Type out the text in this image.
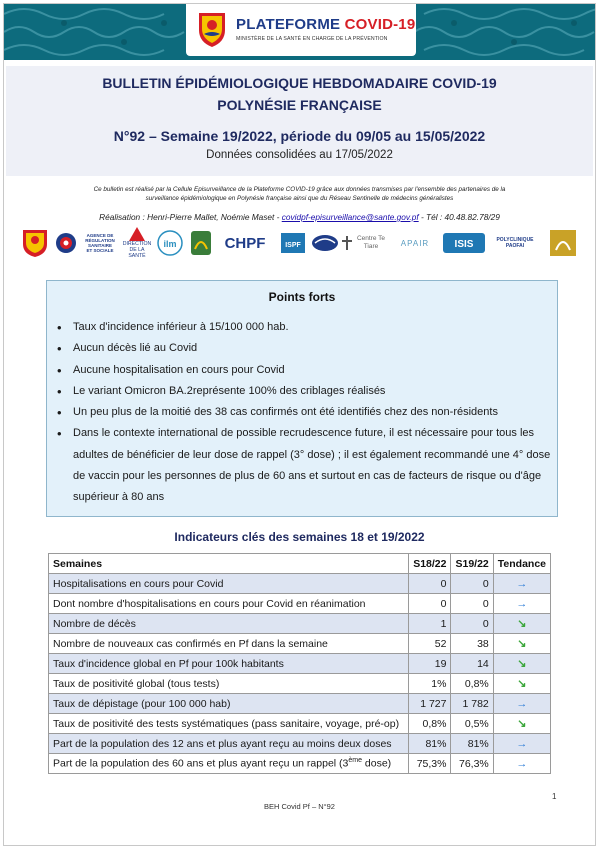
PLATEFORME COVID-19
MINISTÈRE DE LA SANTÉ EN CHARGE DE LA PRÉVENTION
BULLETIN ÉPIDÉMIOLOGIQUE HEBDOMADAIRE COVID-19
POLYNÉSIE FRANÇAISE
N°92 – Semaine 19/2022, période du 09/05 au 15/05/2022
Données consolidées au 17/05/2022
Ce bulletin est réalisé par la Cellule Episurveillance de la Plateforme COVID-19 grâce aux données transmises par l'ensemble des partenaires de la
surveillance épidémiologique en Polynésie française ainsi que du Réseau Sentinelle de médecins généralistes
Réalisation : Henri-Pierre Mallet, Noémie Maset - covidpf-episurveillance@sante.gov.pf - Tél : 40.48.82.78/29
AGENCE DE
RÉGULATION
SANITAIRE
ET SOCIALE
DIRECTION DE LA SANTÉ
ilm	CHPF	ISPF
Centre Te Tiare	APAIR	ISIS	POLYCLINIQUE PAOFAI
Points forts
• Taux d'incidence inférieur à 15/100 000 hab.
• Aucun décès lié au Covid
• Aucune hospitalisation en cours pour Covid
• Le variant Omicron BA.2représente 100% des criblages réalisés
• Un peu plus de la moitié des 38 cas confirmés ont été identifiés chez des non-résidents
• Dans le contexte international de possible recrudescence future, il est nécessaire pour tous les adultes de bénéficier de leur dose de rappel (3° dose) ; il est également recommandé une 4° dose de vaccin pour les personnes de plus de 60 ans et surtout en cas de facteurs de risque ou d'âge supérieur à 80 ans
Indicateurs clés des semaines 18 et 19/2022
Semaines	S18/22	S19/22	Tendance
Hospitalisations en cours pour Covid	0	0	→
Dont nombre d'hospitalisations en cours pour Covid en réanimation	0	0	→
Nombre de décès	1	0	↘
Nombre de nouveaux cas confirmés en Pf dans la semaine	52	38	↘
Taux d'incidence global en Pf pour 100k habitants	19	14	↘
Taux de positivité global (tous tests)	1%	0,8%	↘
Taux de dépistage (pour 100 000 hab)	1 727	1 782	→
Taux de positivité des tests systématiques (pass sanitaire, voyage, pré-op)	0,8%	0,5%	↘
Part de la population des 12 ans et plus ayant reçu au moins deux doses	81%	81%	→
Part de la population des 60 ans et plus ayant reçu un rappel (3ème dose)	75,3%	76,3%	→
1
BEH Covid Pf – N°92
